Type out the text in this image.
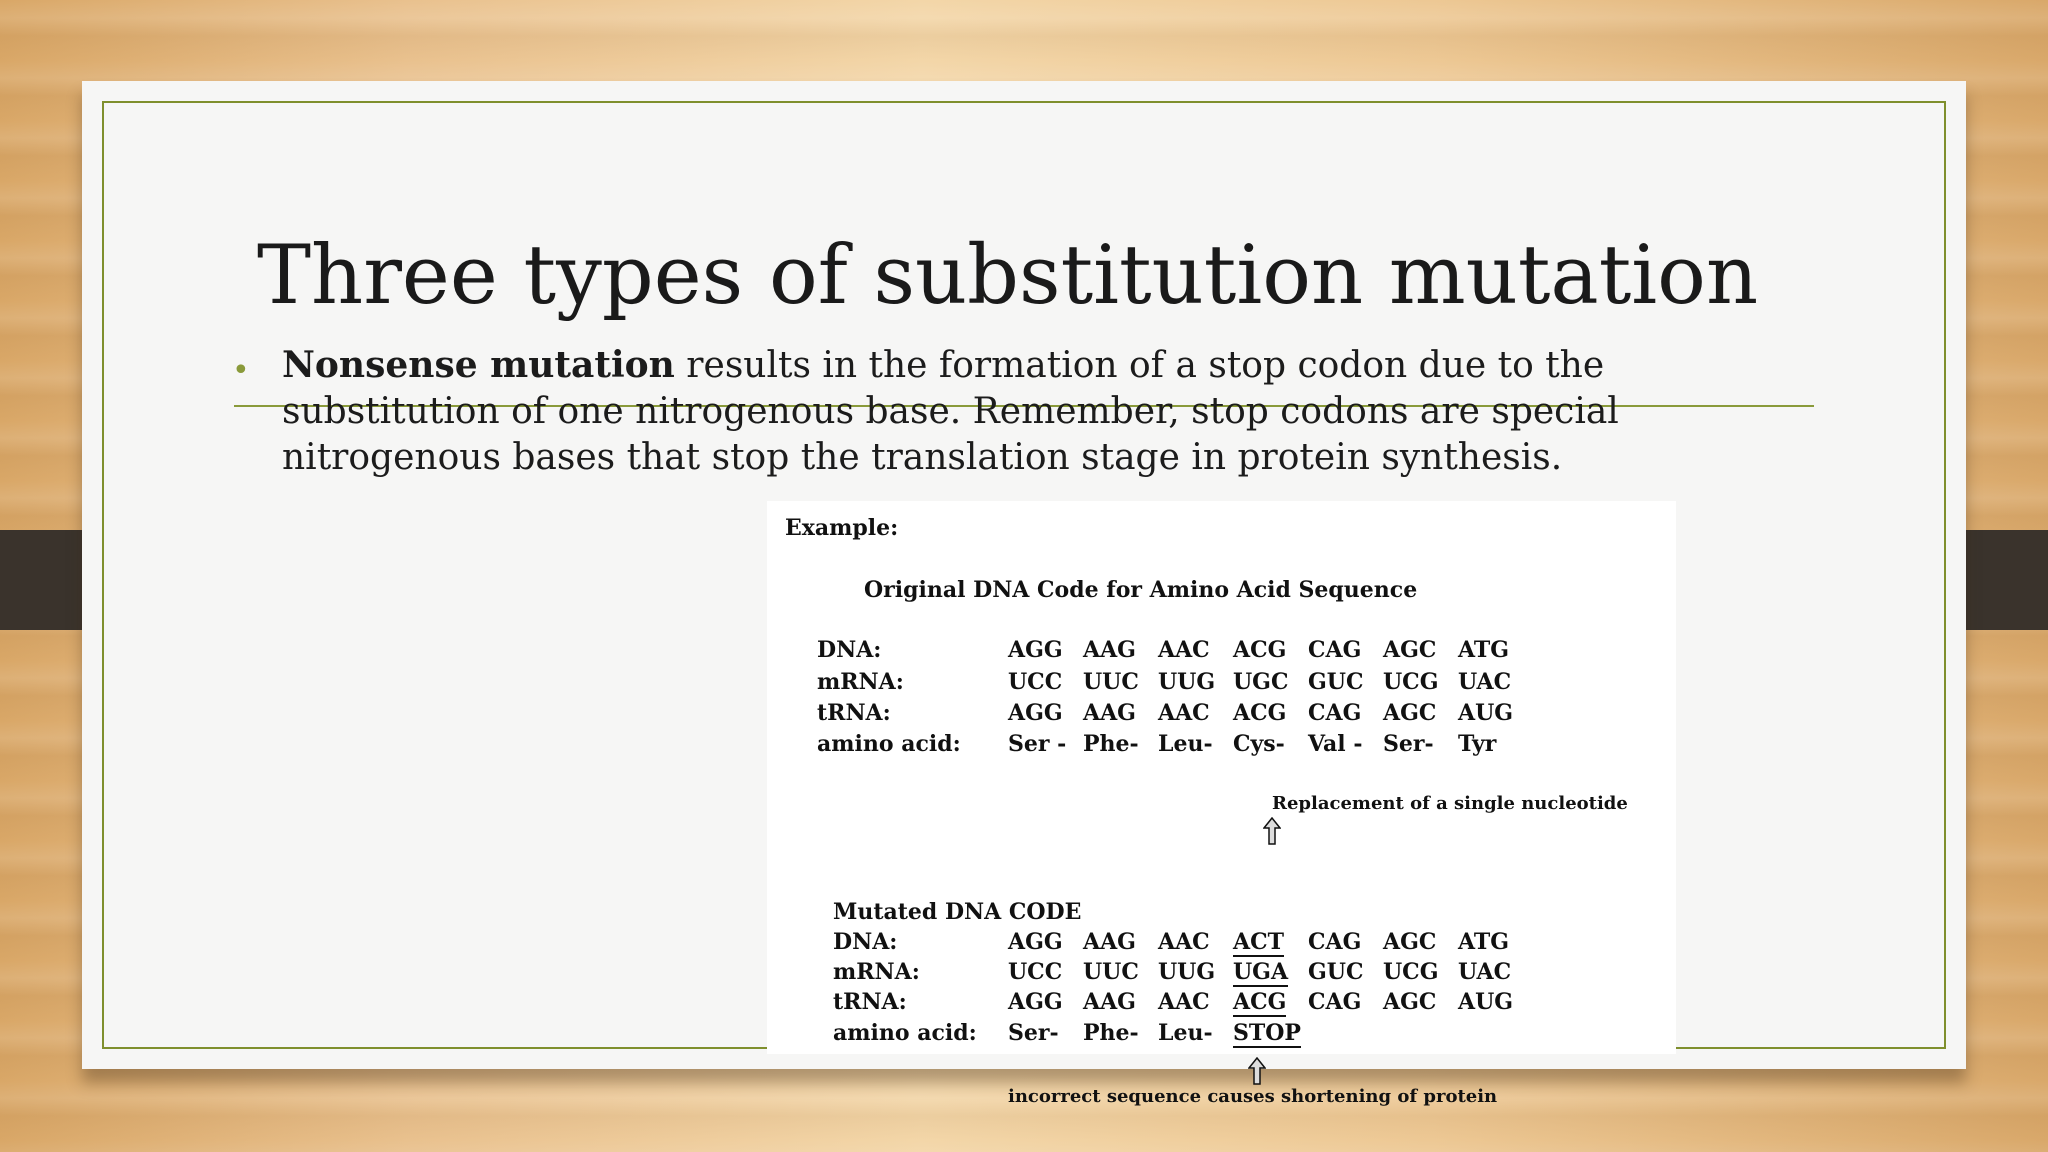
Three types of substitution mutation
• Nonsense mutation results in the formation of a stop codon due to the substitution of one nitrogenous base. Remember, stop codons are special nitrogenous bases that stop the translation stage in protein synthesis.
Example:
Original DNA Code for Amino Acid Sequence
DNA:
mRNA:
tRNA:
amino acid:
AGG AAG AAC ACG CAG AGC ATG
UCC UUC UUG UGC GUC UCG UAC
AGG AAG AAC ACG CAG AGC AUG
Ser - Phe- Leu- Cys- Val - Ser- Tyr
Replacement of a single nucleotide
Mutated DNA CODE
DNA:
mRNA:
tRNA:
amino acid:
AGG AAG AAC ACT CAG AGC ATG
UCC UUC UUG UGA GUC UCG UAC
AGG AAG AAC ACG CAG AGC AUG
Ser- Phe- Leu- STOP
incorrect sequence causes shortening of protein
